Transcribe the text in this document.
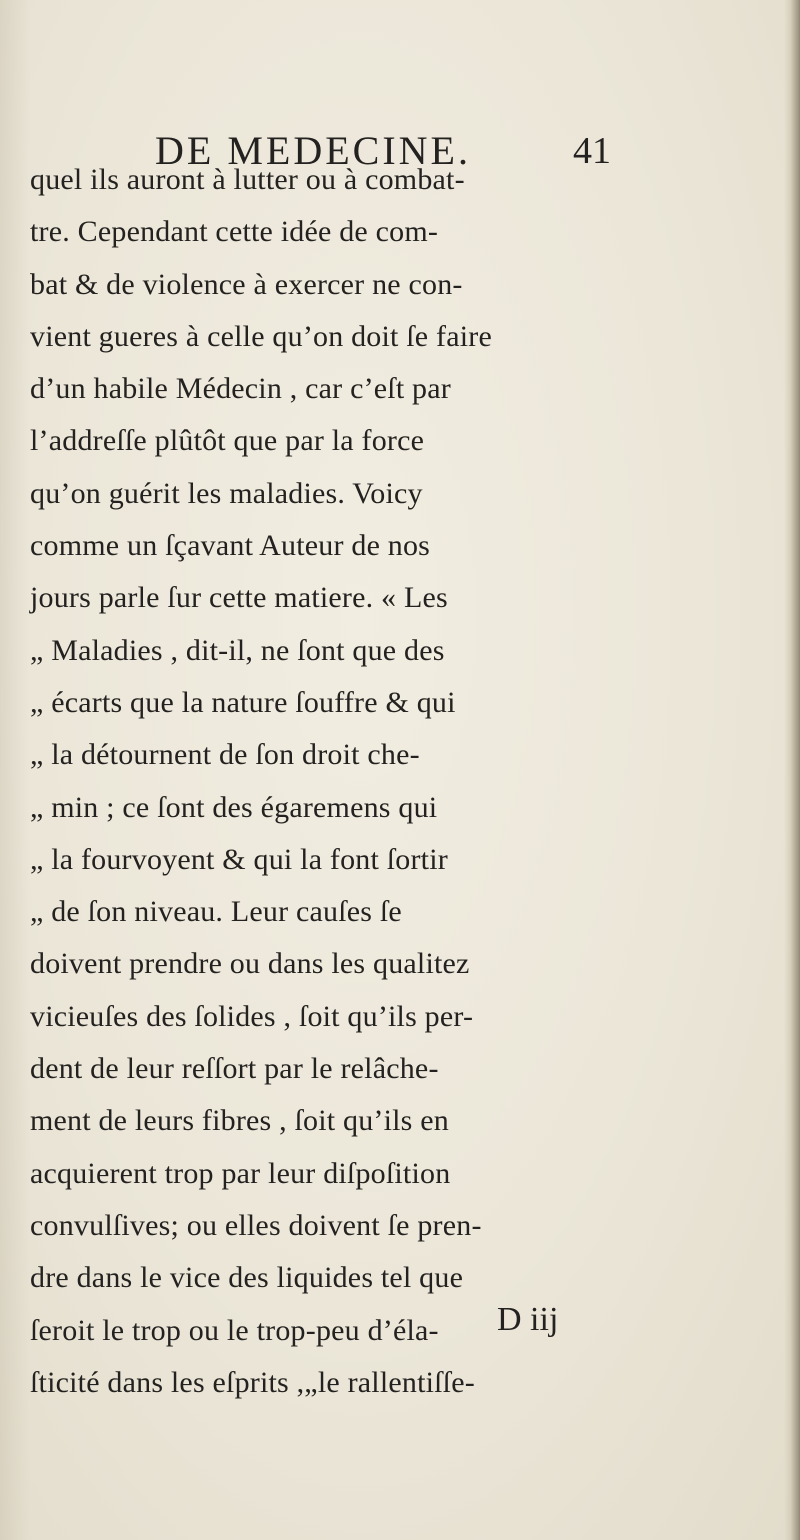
DE MEDECINE.	41
quel ils auront à lutter ou à combat-
tre. Cependant cette idée de com-
bat & de violence à exercer ne con-
vient gueres à celle qu’on doit ſe faire
d’un habile Médecin , car c’eſt par
l’addreſſe plûtôt que par la force
qu’on guérit les maladies. Voicy
comme un ſçavant Auteur de nos
jours parle ſur cette matiere. « Les
„ Maladies , dit-il, ne ſont que des
„ écarts que la nature ſouffre & qui
„ la détournent de ſon droit che-
„ min ; ce ſont des égaremens qui
„ la fourvoyent & qui la font ſortir
„ de ſon niveau. Leur cauſes ſe
doivent prendre ou dans les qualitez
vicieuſes des ſolides , ſoit qu’ils per-
dent de leur reſſort par le relâche-
ment de leurs fibres , ſoit qu’ils en
acquierent trop par leur diſpoſition
convulſives; ou elles doivent ſe pren-
dre dans le vice des liquides tel que
ſeroit le trop ou le trop-peu d’éla-
ſticité dans les eſprits ,„le rallentiſſe-
D iij
